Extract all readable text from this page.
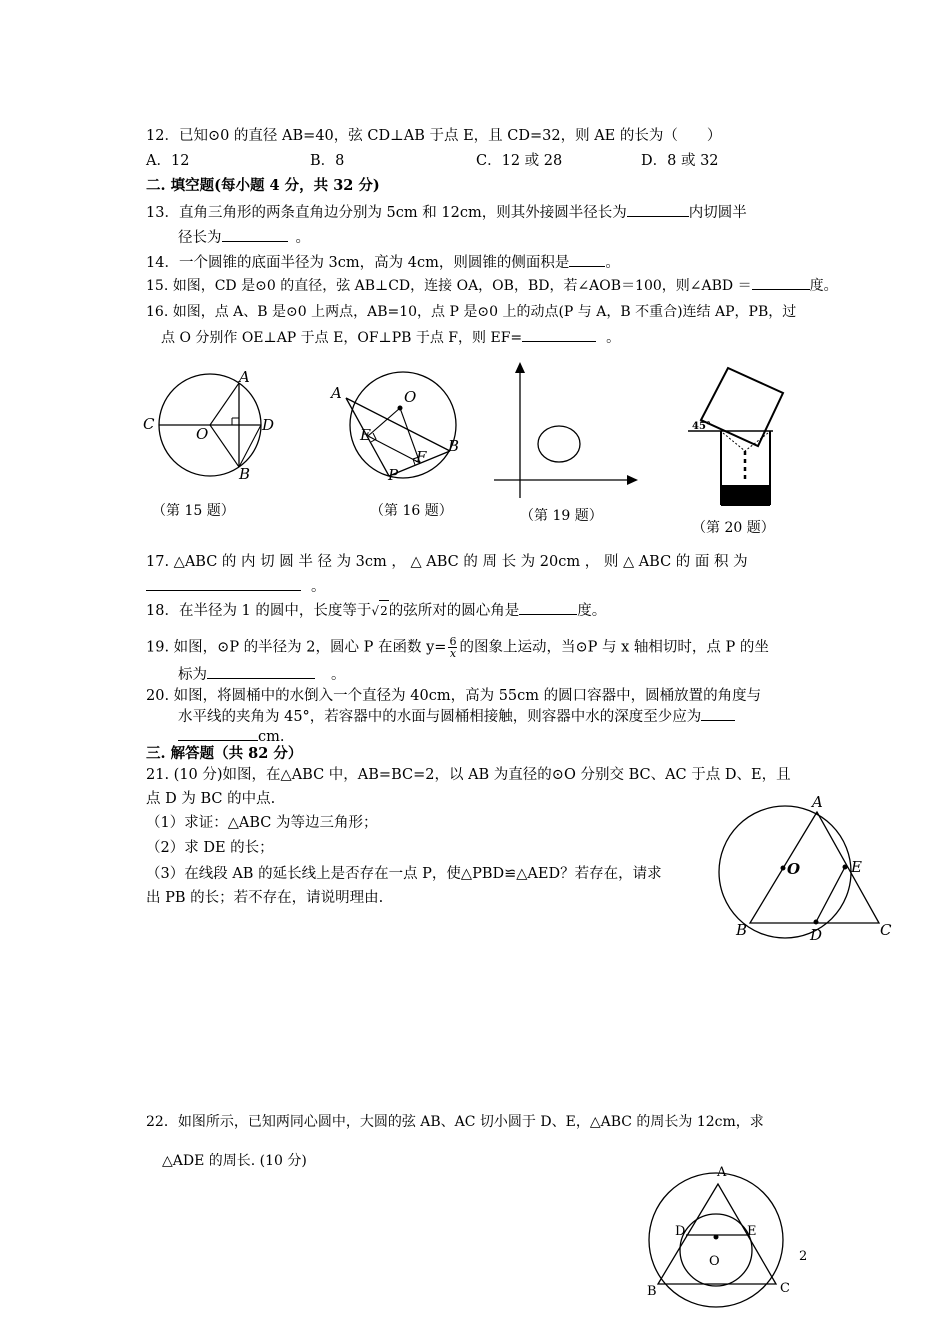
12．已知⊙0 的直径 AB=40，弦 CD⊥AB 于点 E，且 CD=32，则 AE 的长为（　　）
A．12	B．8	C．12 或 28	D．8 或 32
二. 填空题(每小题 4 分，共 32 分)
13．直角三角形的两条直角边分别为 5cm 和 12cm，则其外接圆半径长为	内切圆半
径长为	。
14．一个圆锥的底面半径为 3cm，高为 4cm，则圆锥的侧面积是 。
15. 如图，CD 是⊙0 的直径，弦 AB⊥CD，连接 OA，OB，BD，若∠AOB＝100，则∠ABD ＝	度。
16. 如图，点 A、B 是⊙0 上两点，AB=10，点 P 是⊙0 上的动点(P 与 A，B 不重合)连结 AP，PB，过
点 O 分别作 OE⊥AP 于点 E，OF⊥PB 于点 F，则 EF=	。
A
C
O	D
B
（第 15 题）
A	O
E
F
B
P
（第 16 题）	（第 19 题）
45°
（第 20 题）
17. △ABC 的 内 切 圆 半 径 为 3cm ， △ ABC 的 周 长 为 20cm ， 则 △ ABC 的 面 积 为
。
18．在半径为 1 的圆中，长度等于√2的弦所对的圆心角是	度。
19. 如图，⊙P 的半径为 2，圆心 P 在函数 $y= \frac{6}{x}$ 的图象上运动，当⊙P 与 x 轴相切时，点 P 的坐
标为	。
20. 如图，将圆桶中的水倒入一个直径为 40cm，高为 55cm 的圆口容器中，圆桶放置的角度与
水平线的夹角为 45°，若容器中的水面与圆桶相接触，则容器中水的深度至少应为
cm.
三. 解答题（共 82 分）
21. (10 分)如图，在△ABC 中，AB=BC=2，以 AB 为直径的⊙O 分别交 BC、AC 于点 D、E，且
点 D 为 BC 的中点.
（1）求证：△ABC 为等边三角形；
（2）求 DE 的长；
（3）在线段 AB 的延长线上是否存在一点 P，使△PBD≌△AED？若存在，请求
出 PB 的长；若不存在，请说明理由.
A
O	E
B	D	C
22．如图所示，已知两同心圆中，大圆的弦 AB、AC 切小圆于 D、E，△ABC 的周长为 12cm，求
△ADE 的周长. (10 分)
A
D	E
O
B	C
2
